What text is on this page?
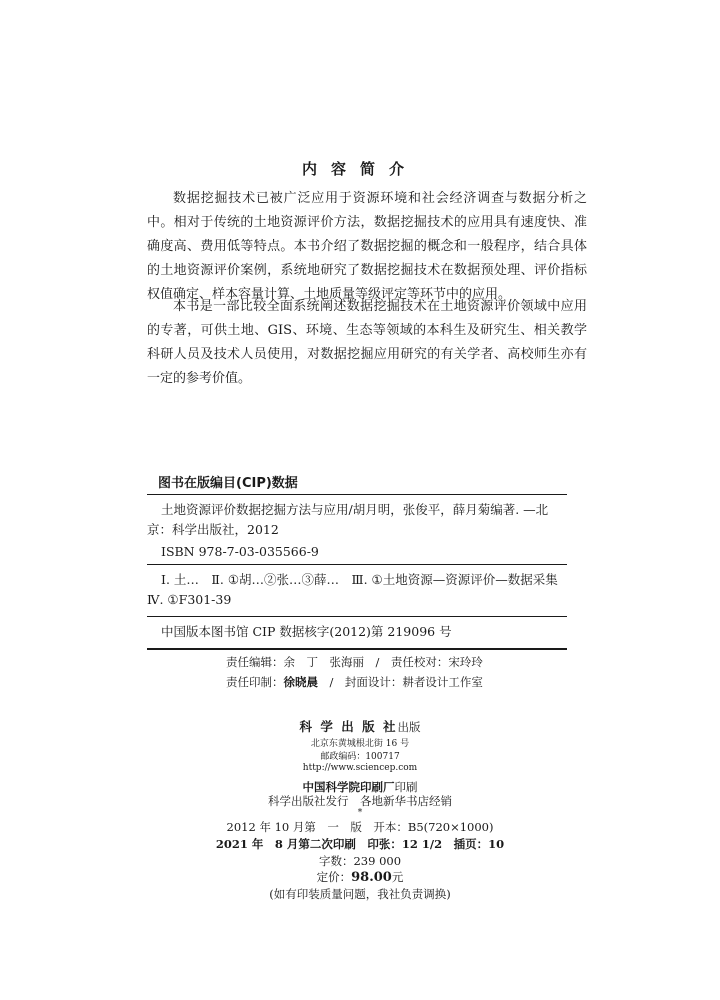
内容简介

数据挖掘技术已被广泛应用于资源环境和社会经济调查与数据分析之中。相对于传统的土地资源评价方法，数据挖掘技术的应用具有速度快、准确度高、费用低等特点。本书介绍了数据挖掘的概念和一般程序，结合具体的土地资源评价案例，系统地研究了数据挖掘技术在数据预处理、评价指标权值确定、样本容量计算、土地质量等级评定等环节中的应用。

本书是一部比较全面系统阐述数据挖掘技术在土地资源评价领域中应用的专著，可供土地、GIS、环境、生态等领域的本科生及研究生、相关教学科研人员及技术人员使用，对数据挖掘应用研究的有关学者、高校师生亦有一定的参考价值。

图书在版编目(CIP)数据

土地资源评价数据挖掘方法与应用/胡月明，张俊平，薛月菊编著. —北京：科学出版社，2012

ISBN 978-7-03-035566-9

Ⅰ. 土…　Ⅱ. ①胡…②张…③薛…　Ⅲ. ①土地资源—资源评价—数据采集　Ⅳ. ①F301-39

中国版本图书馆 CIP 数据核字(2012)第 219096 号

责任编辑：余　丁　张海丽　/　责任校对：宋玲玲
责任印制：徐晓晨　/　封面设计：耕者设计工作室
科 学 出 版 社出版
北京东黄城根北街 16 号
邮政编码：100717
http://www.sciencep.com
中国科学院印刷厂印刷
科学出版社发行　各地新华书店经销
*
2012 年 10 月第　一　版　开本：B5(720×1000)
2021 年　8 月第二次印刷　印张：12 1/2　插页：10
字数：239 000
定价：98.00元
(如有印装质量问题，我社负责调换)
